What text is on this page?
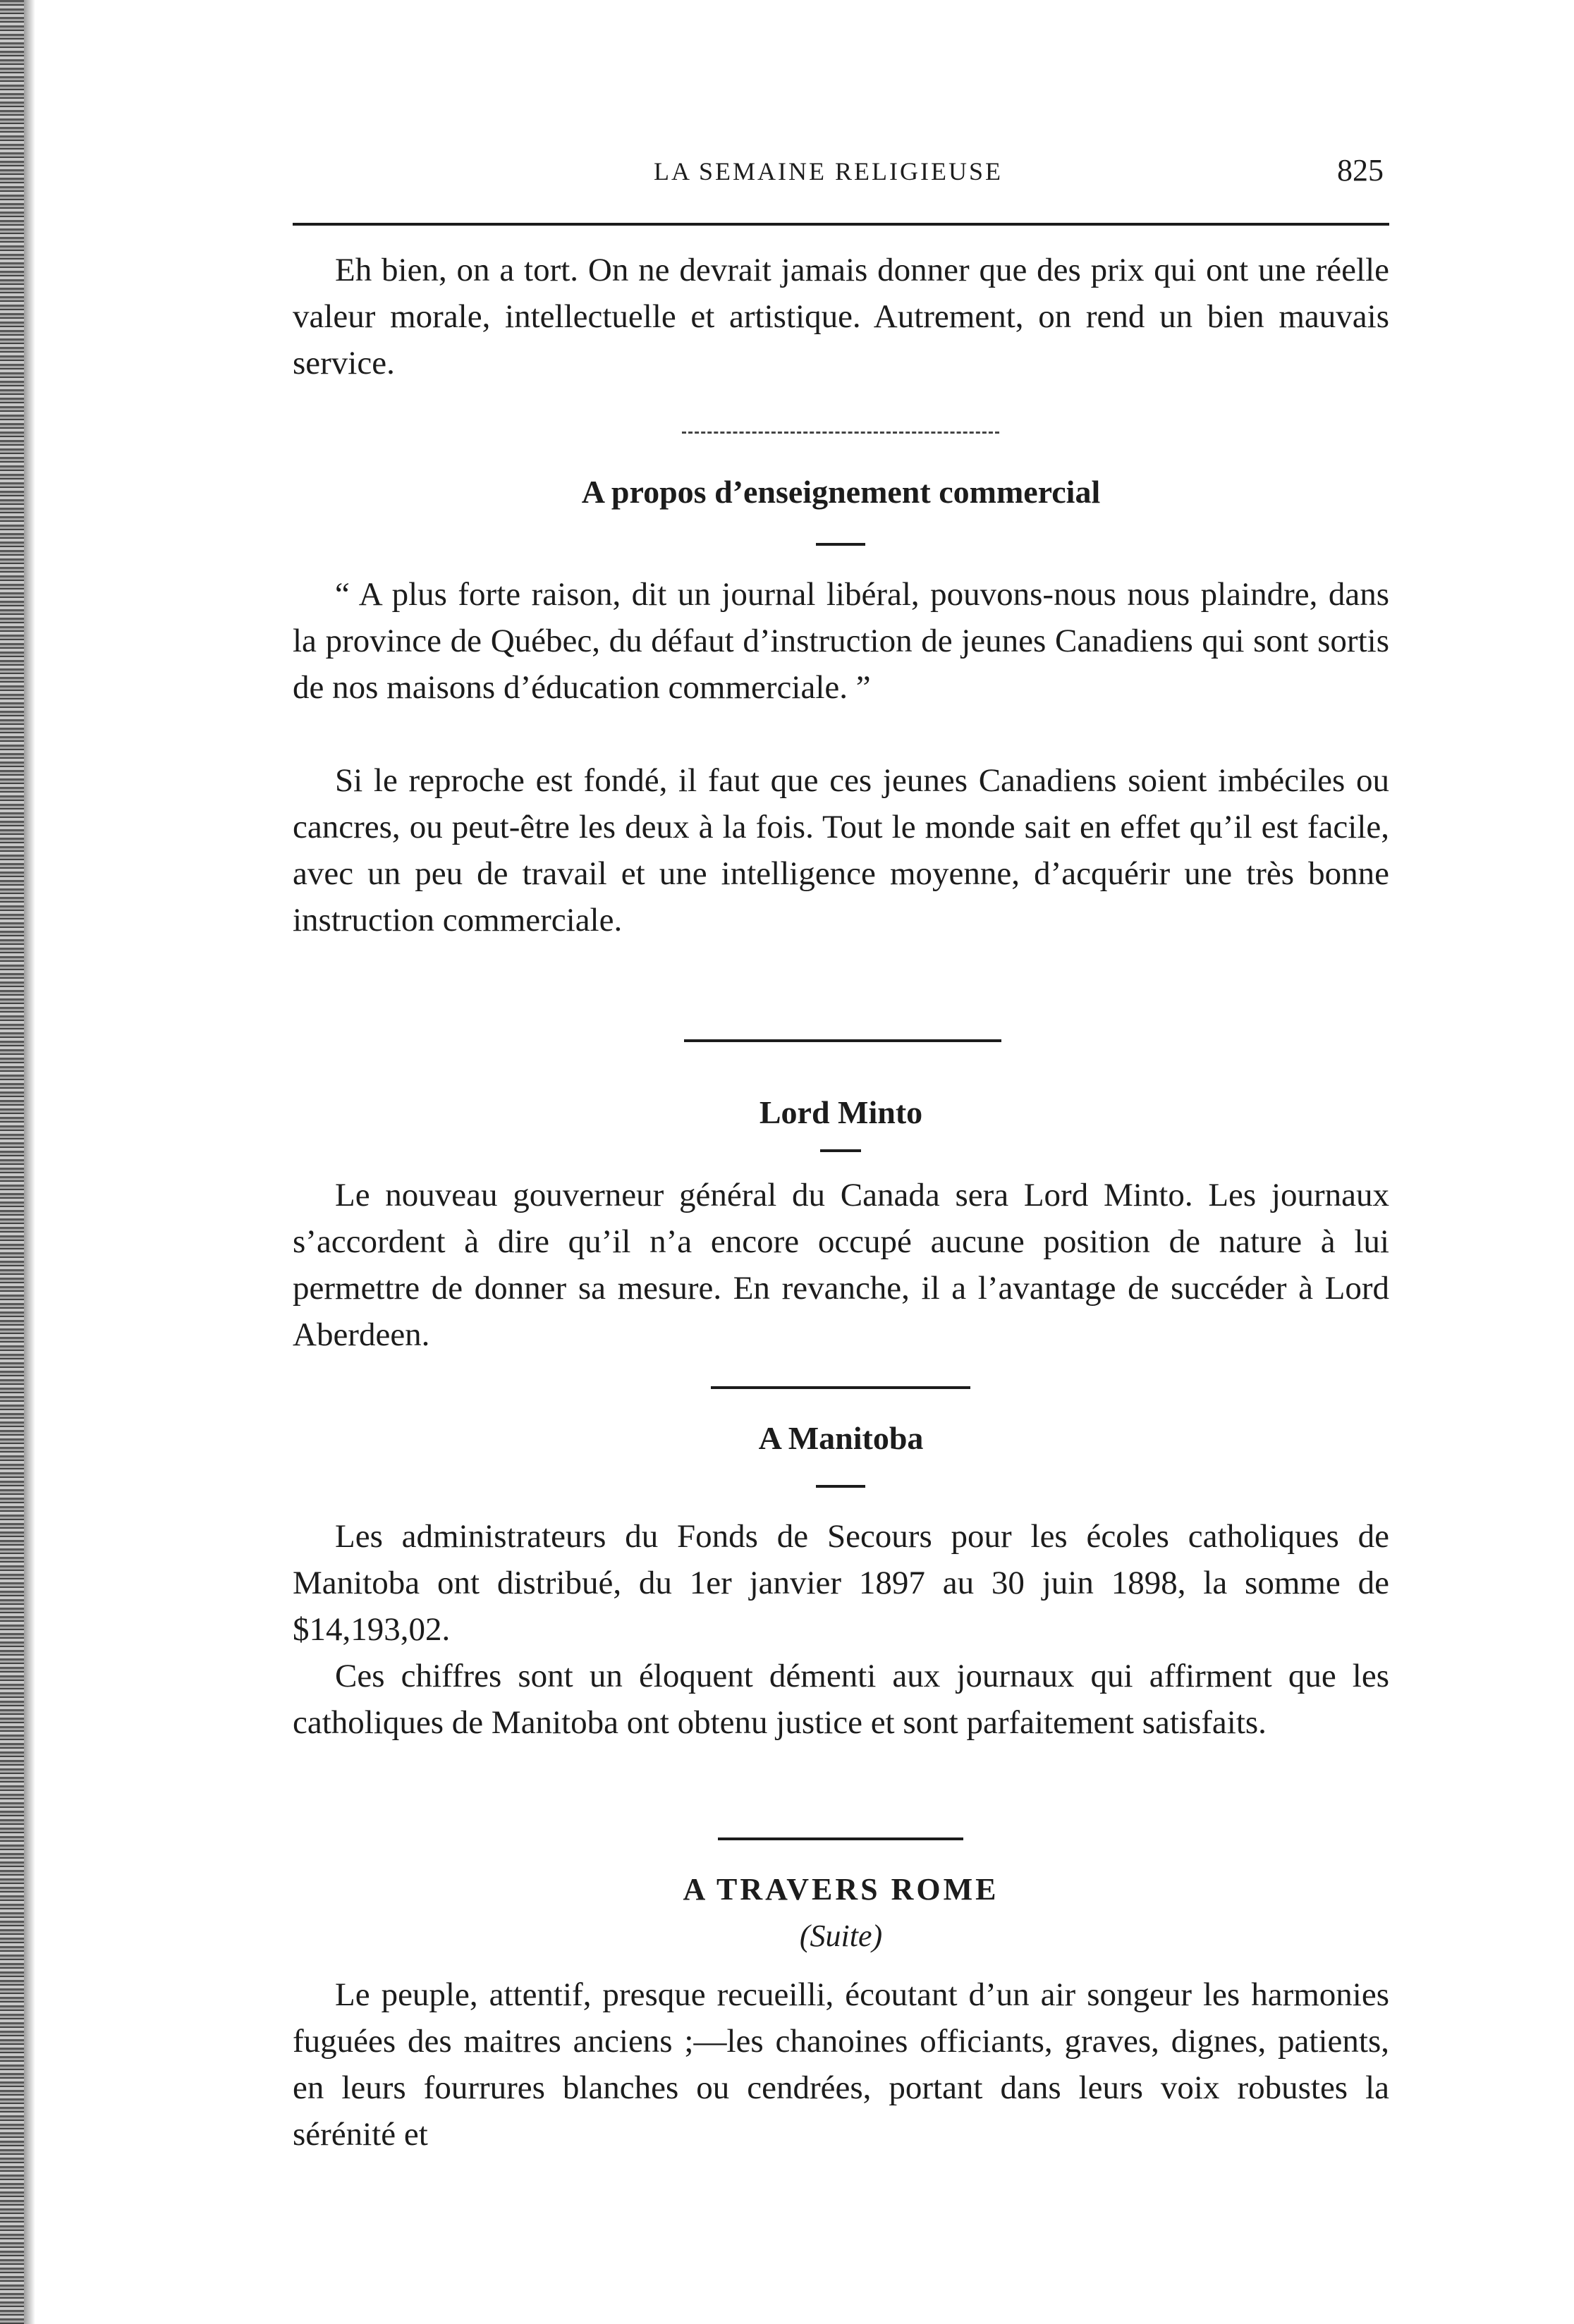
LA SEMAINE RELIGIEUSE	825

Eh bien, on a tort. On ne devrait jamais donner que des prix qui ont une réelle valeur morale, intellectuelle et artistique. Autrement, on rend un bien mauvais service.

A propos d’enseignement commercial

“ A plus forte raison, dit un journal libéral, pouvons-nous nous plaindre, dans la province de Québec, du défaut d’instruction de jeunes Canadiens qui sont sortis de nos maisons d’éducation commerciale. ”

Si le reproche est fondé, il faut que ces jeunes Canadiens soient imbéciles ou cancres, ou peut-être les deux à la fois. Tout le monde sait en effet qu’il est facile, avec un peu de travail et une intelligence moyenne, d’acquérir une très bonne instruction commerciale.

Lord Minto

Le nouveau gouverneur général du Canada sera Lord Minto. Les journaux s’accordent à dire qu’il n’a encore occupé aucune position de nature à lui permettre de donner sa mesure. En revanche, il a l’avantage de succéder à Lord Aberdeen.

A Manitoba

Les administrateurs du Fonds de Secours pour les écoles catholiques de Manitoba ont distribué, du 1er janvier 1897 au 30 juin 1898, la somme de $14,193,02.

Ces chiffres sont un éloquent démenti aux journaux qui affirment que les catholiques de Manitoba ont obtenu justice et sont parfaitement satisfaits.

A TRAVERS ROME

(Suite)

Le peuple, attentif, presque recueilli, écoutant d’un air songeur les harmonies fuguées des maitres anciens ;—les chanoines officiants, graves, dignes, patients, en leurs fourrures blanches ou cendrées, portant dans leurs voix robustes la sérénité et
